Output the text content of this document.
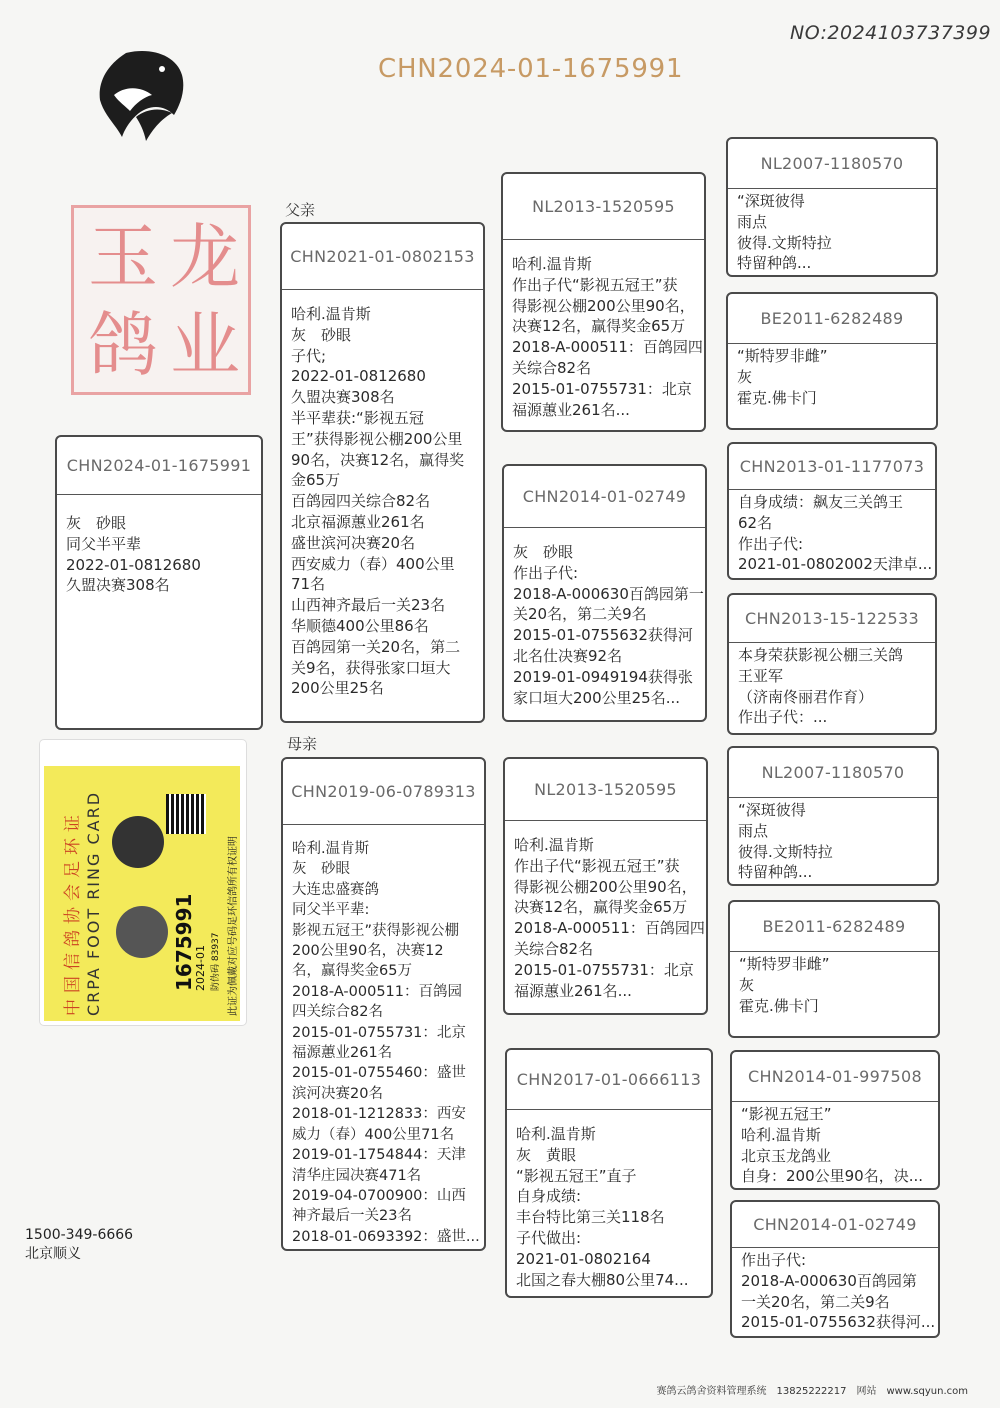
NO:2024103737399
CHN2024-01-1675991
玉 龙
鸽 业
父亲
母亲
CHN2024-01-1675991
灰　砂眼
同父半平辈
2022-01-0812680
久盟决赛308名
中国信鸽协会足环证 CRPA FOOT RING CARD	1675991
2024-01 防伪码 83937 此证为佩戴对应号码足环信鸽所有权证明
1500-349-6666
北京顺义
CHN2021-01-0802153
哈利.温肯斯
灰　砂眼
子代;
2022-01-0812680
久盟决赛308名
半平辈获:“影视五冠
王”获得影视公棚200公里
90名，决赛12名，赢得奖
金65万
百鸽园四关综合82名
北京福源蕙业261名
盛世滨河决赛20名
西安威力（春）400公里
71名
山西神齐最后一关23名
华顺德400公里86名
百鸽园第一关20名，第二
关9名，获得张家口垣大
200公里25名
CHN2019-06-0789313
哈利.温肯斯
灰　砂眼
大连忠盛赛鸽
同父半平辈:
影视五冠王”获得影视公棚
200公里90名，决赛12
名，赢得奖金65万
2018-A-000511：百鸽园
四关综合82名
2015-01-0755731：北京
福源蕙业261名
2015-01-0755460：盛世
滨河决赛20名
2018-01-1212833：西安
威力（春）400公里71名
2019-01-1754844：天津
清华庄园决赛471名
2019-04-0700900：山西
神齐最后一关23名
2018-01-0693392：盛世...
NL2013-1520595
哈利.温肯斯
作出子代“影视五冠王”获
得影视公棚200公里90名，
决赛12名，赢得奖金65万
2018-A-000511：百鸽园四
关综合82名
2015-01-0755731：北京
福源蕙业261名...
CHN2014-01-02749
灰　砂眼
作出子代:
2018-A-000630百鸽园第一
关20名，第二关9名
2015-01-0755632获得河
北名仕决赛92名
2019-01-0949194获得张
家口垣大200公里25名...
NL2013-1520595
哈利.温肯斯
作出子代“影视五冠王”获
得影视公棚200公里90名，
决赛12名，赢得奖金65万
2018-A-000511：百鸽园四
关综合82名
2015-01-0755731：北京
福源蕙业261名...
CHN2017-01-0666113
哈利.温肯斯
灰　黄眼
“影视五冠王”直子
自身成绩:
丰台特比第三关118名
子代做出:
2021-01-0802164
北国之春大棚80公里74...
NL2007-1180570
“深斑彼得
雨点
彼得.文斯特拉
特留种鸽...
BE2011-6282489
“斯特罗非雌”
灰
霍克.佛卡门
CHN2013-01-1177073
自身成绩：飙友三关鸽王
62名
作出子代:
2021-01-0802002天津卓...
CHN2013-15-122533
本身荣获影视公棚三关鸽
王亚军
（济南佟丽君作育）
作出子代：...
NL2007-1180570
“深斑彼得
雨点
彼得.文斯特拉
特留种鸽...
BE2011-6282489
“斯特罗非雌”
灰
霍克.佛卡门
CHN2014-01-997508
“影视五冠王”
哈利.温肯斯
北京玉龙鸽业
自身：200公里90名，决...
CHN2014-01-02749
作出子代:
2018-A-000630百鸽园第
一关20名，第二关9名
2015-01-0755632获得河...
赛鸽云鸽舍资料管理系统　13825222217　网站　www.sqyun.com
